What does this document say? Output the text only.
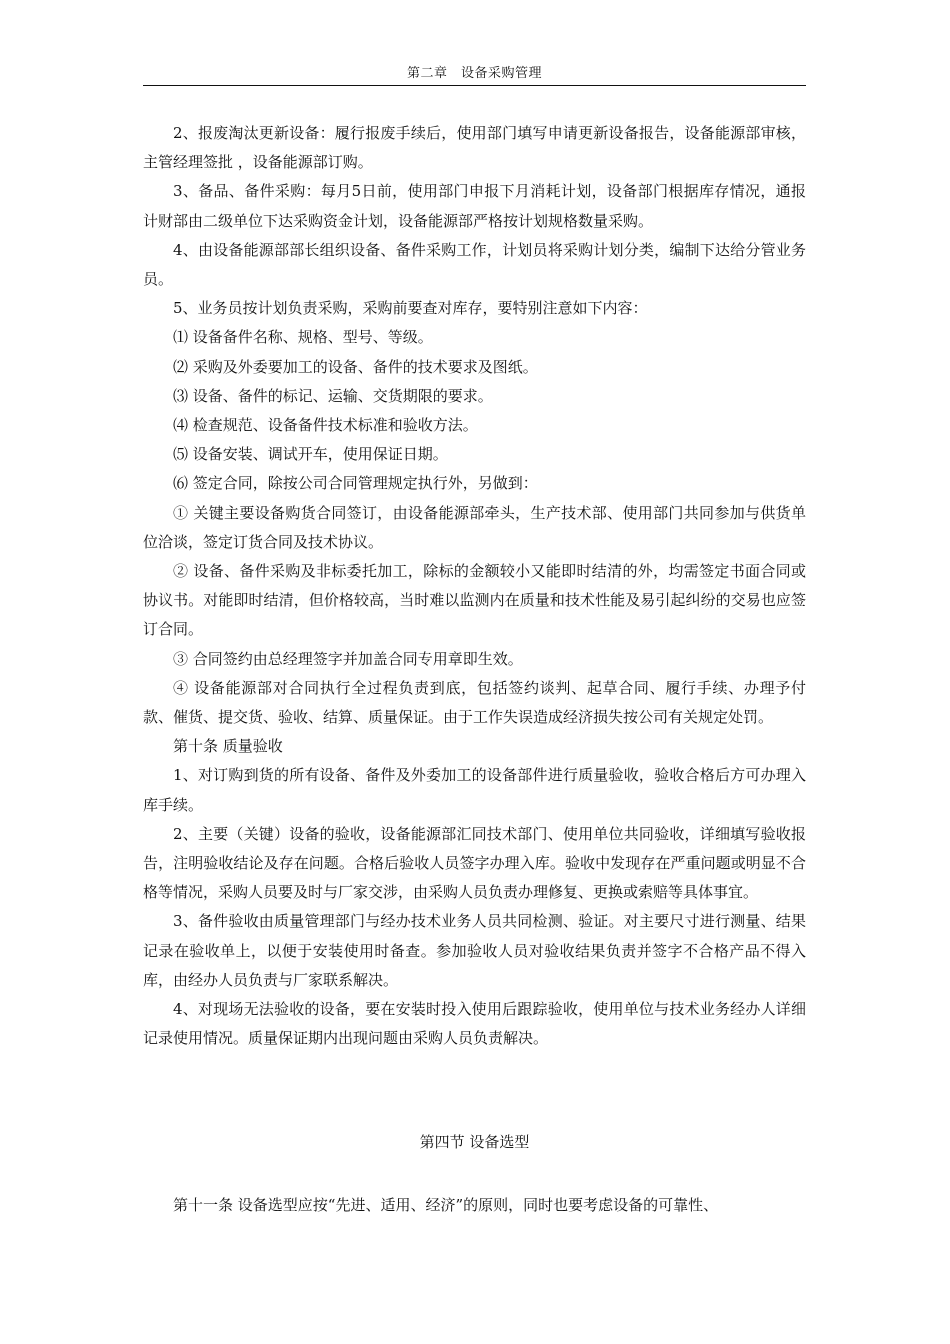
第二章　设备采购管理

2、报废淘汰更新设备：履行报废手续后，使用部门填写申请更新设备报告，设备能源部审核，主管经理签批 ，设备能源部订购。

3、备品、备件采购：每月5日前，使用部门申报下月消耗计划，设备部门根据库存情况，通报计财部由二级单位下达采购资金计划，设备能源部严格按计划规格数量采购。

4、由设备能源部部长组织设备、备件采购工作，计划员将采购计划分类，编制下达给分管业务员。

5、业务员按计划负责采购，采购前要查对库存，要特别注意如下内容：

⑴ 设备备件名称、规格、型号、等级。

⑵ 采购及外委要加工的设备、备件的技术要求及图纸。

⑶ 设备、备件的标记、运输、交货期限的要求。

⑷ 检查规范、设备备件技术标准和验收方法。

⑸ 设备安装、调试开车，使用保证日期。

⑹ 签定合同，除按公司合同管理规定执行外，另做到：

① 关键主要设备购货合同签订，由设备能源部牵头，生产技术部、使用部门共同参加与供货单位洽谈，签定订货合同及技术协议。

② 设备、备件采购及非标委托加工，除标的金额较小又能即时结清的外，均需签定书面合同或协议书。对能即时结清，但价格较高，当时难以监测内在质量和技术性能及易引起纠纷的交易也应签订合同。

③ 合同签约由总经理签字并加盖合同专用章即生效。

④ 设备能源部对合同执行全过程负责到底，包括签约谈判、起草合同、履行手续、办理予付款、催货、提交货、验收、结算、质量保证。由于工作失误造成经济损失按公司有关规定处罚。

第十条 质量验收

1、对订购到货的所有设备、备件及外委加工的设备部件进行质量验收，验收合格后方可办理入库手续。

2、主要（关键）设备的验收，设备能源部汇同技术部门、使用单位共同验收，详细填写验收报告，注明验收结论及存在问题。合格后验收人员签字办理入库。验收中发现存在严重问题或明显不合格等情况，采购人员要及时与厂家交涉，由采购人员负责办理修复、更换或索赔等具体事宜。

3、备件验收由质量管理部门与经办技术业务人员共同检测、验证。对主要尺寸进行测量、结果记录在验收单上，以便于安装使用时备查。参加验收人员对验收结果负责并签字不合格产品不得入库，由经办人员负责与厂家联系解决。

4、对现场无法验收的设备，要在安装时投入使用后跟踪验收，使用单位与技术业务经办人详细记录使用情况。质量保证期内出现问题由采购人员负责解决。

第四节 设备选型

第十一条 设备选型应按“先进、适用、经济”的原则，同时也要考虑设备的可靠性、
